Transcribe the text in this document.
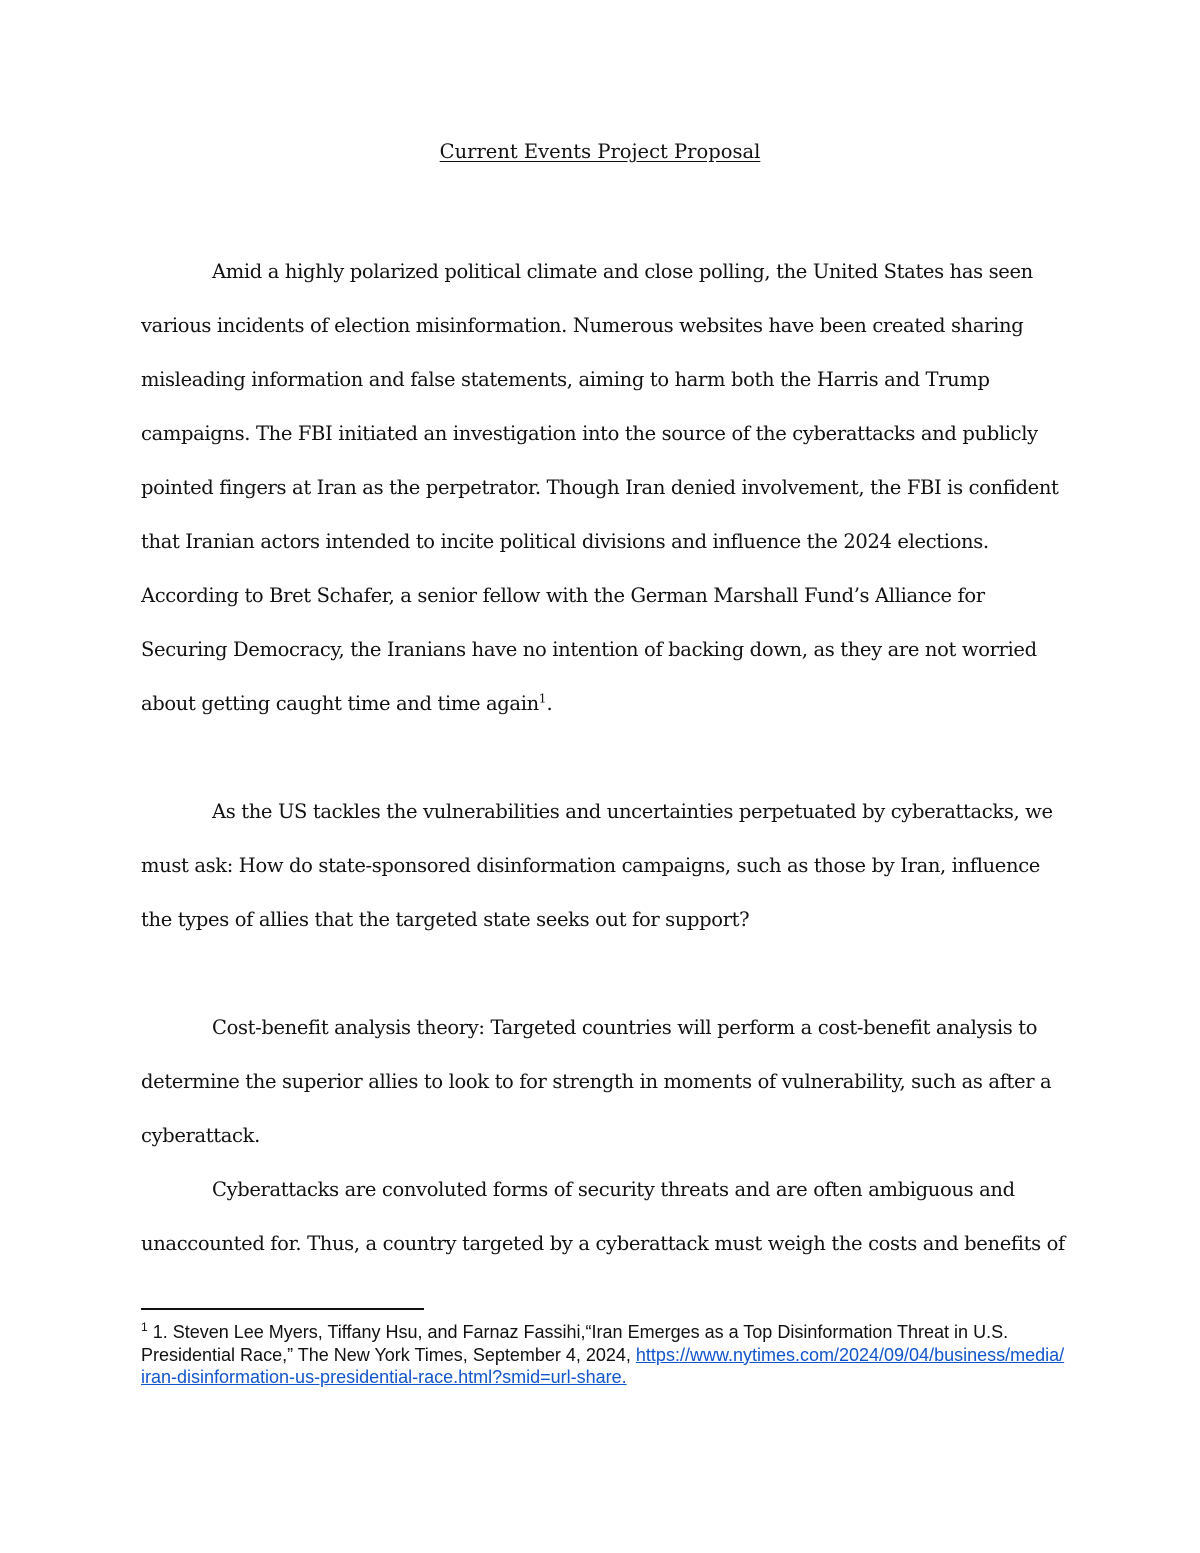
Current Events Project Proposal

Amid a highly polarized political climate and close polling, the United States has seen various incidents of election misinformation. Numerous websites have been created sharing misleading information and false statements, aiming to harm both the Harris and Trump campaigns. The FBI initiated an investigation into the source of the cyberattacks and publicly pointed fingers at Iran as the perpetrator. Though Iran denied involvement, the FBI is confident that Iranian actors intended to incite political divisions and influence the 2024 elections. According to Bret Schafer, a senior fellow with the German Marshall Fund’s Alliance for Securing Democracy, the Iranians have no intention of backing down, as they are not worried about getting caught time and time again$^1$.

As the US tackles the vulnerabilities and uncertainties perpetuated by cyberattacks, we must ask: How do state-sponsored disinformation campaigns, such as those by Iran, influence the types of allies that the targeted state seeks out for support?

Cost-benefit analysis theory: Targeted countries will perform a cost-benefit analysis to determine the superior allies to look to for strength in moments of vulnerability, such as after a cyberattack.

Cyberattacks are convoluted forms of security threats and are often ambiguous and unaccounted for. Thus, a country targeted by a cyberattack must weigh the costs and benefits of

$^1$ 1. Steven Lee Myers, Tiffany Hsu, and Farnaz Fassihi,“Iran Emerges as a Top Disinformation Threat in U.S. Presidential Race,” The New York Times, September 4, 2024, https://www.nytimes.com/2024/09/04/business/media/iran-disinformation-us-presidential-race.html?smid=url-share.
